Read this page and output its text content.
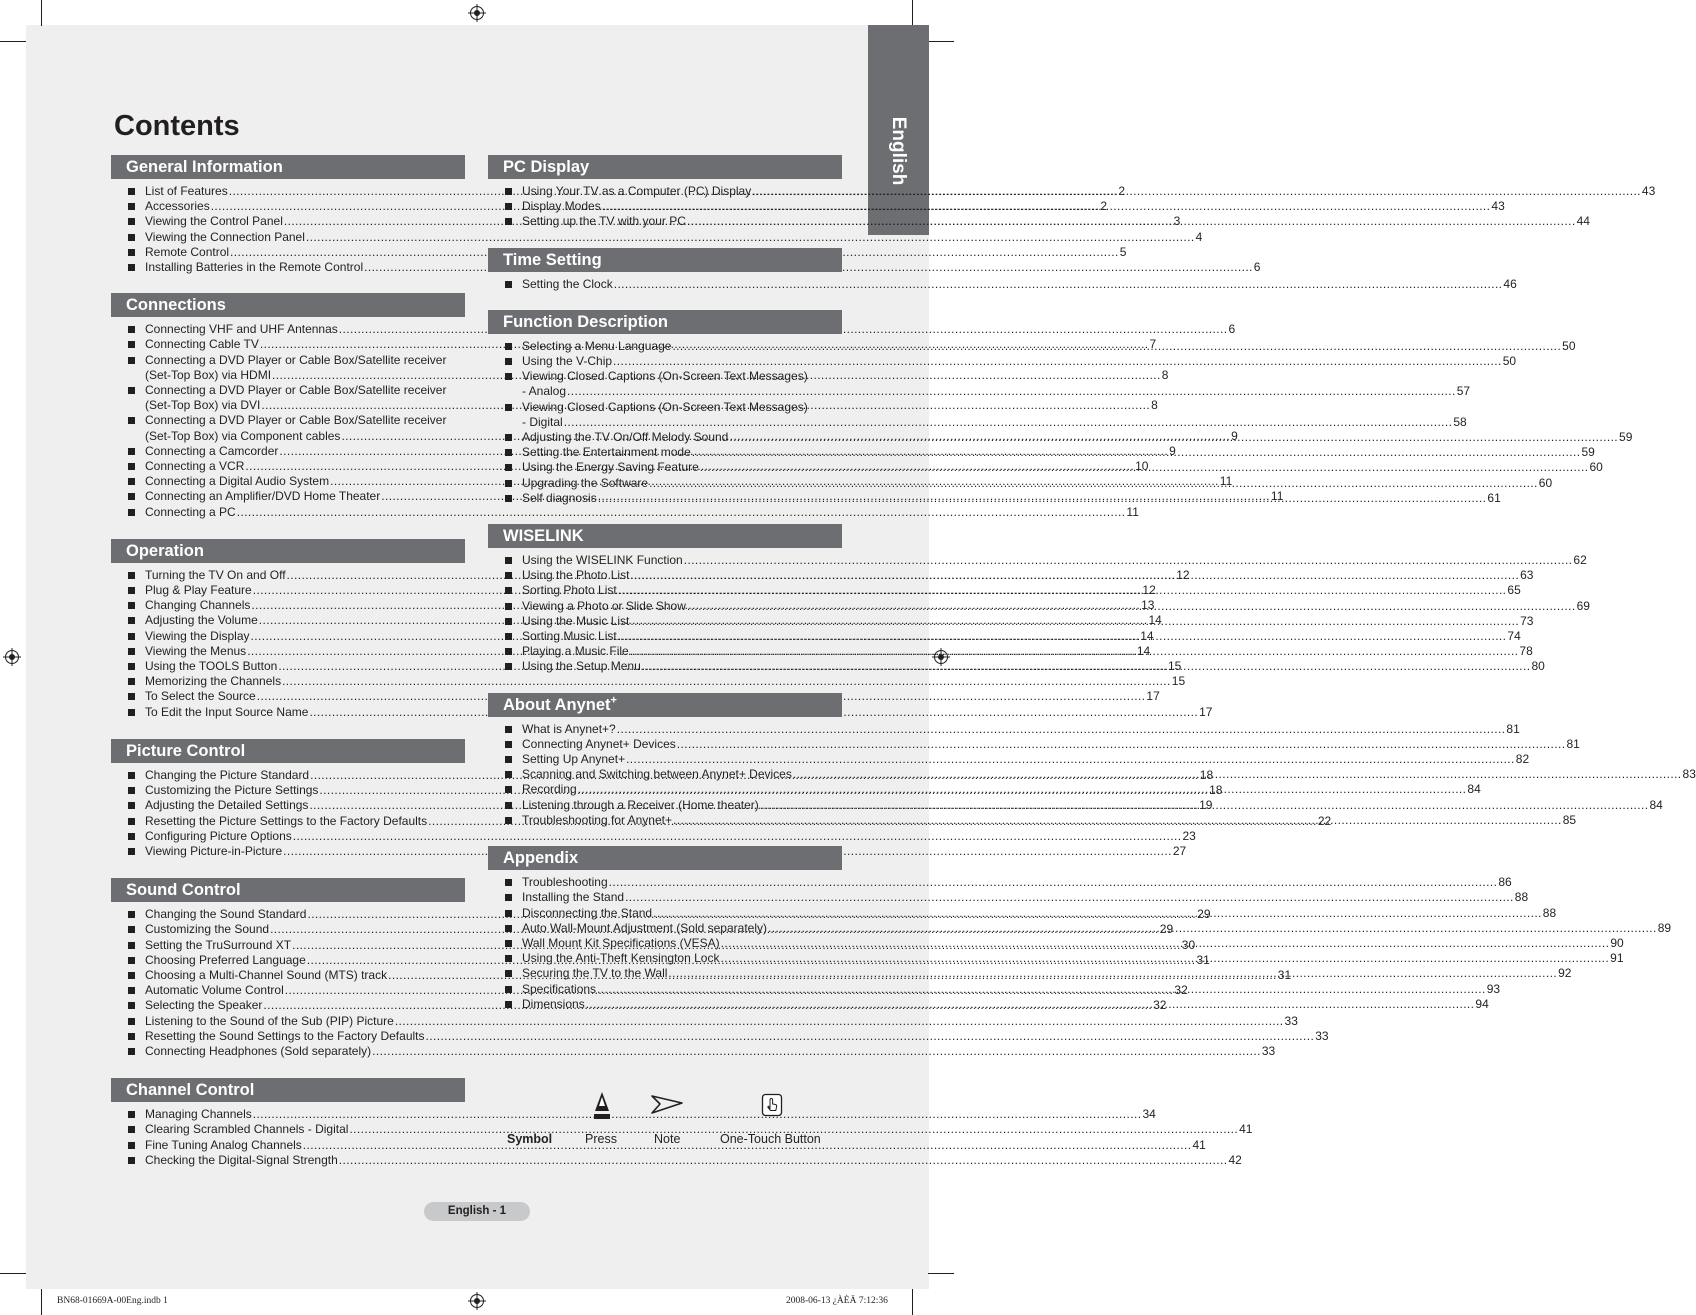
English
Contents
General Information
List of Features .....	2
Accessories .....	2
Viewing the Control Panel .....	3
Viewing the Connection Panel .....	4
Remote Control .....	5
Installing Batteries in the Remote Control .....	6
Connections
Connecting VHF and UHF Antennas .....	6
Connecting Cable TV .....	7
Connecting a DVD Player or Cable Box/Satellite receiver
(Set-Top Box) via HDMI .....	8
Connecting a DVD Player or Cable Box/Satellite receiver
(Set-Top Box) via DVI .....	8
Connecting a DVD Player or Cable Box/Satellite receiver
(Set-Top Box) via Component cables .....	9
Connecting a Camcorder .....	9
Connecting a VCR .....	10
Connecting a Digital Audio System .....	11
Connecting an Amplifier/DVD Home Theater .....	11
Connecting a PC .....	11
Operation
Turning the TV On and Off .....	12
Plug & Play Feature .....	12
Changing Channels .....	13
Adjusting the Volume .....	14
Viewing the Display .....	14
Viewing the Menus .....	14
Using the TOOLS Button .....	15
Memorizing the Channels .....	15
To Select the Source .....	17
To Edit the Input Source Name .....	17
Picture Control
Changing the Picture Standard .....	18
Customizing the Picture Settings .....	18
Adjusting the Detailed Settings .....	19
Resetting the Picture Settings to the Factory Defaults .....	22
Configuring Picture Options .....	23
Viewing Picture-in-Picture .....	27
Sound Control
Changing the Sound Standard .....	29
Customizing the Sound .....	29
Setting the TruSurround XT .....	30
Choosing Preferred Language .....	31
Choosing a Multi-Channel Sound (MTS) track .....	31
Automatic Volume Control .....	32
Selecting the Speaker .....	32
Listening to the Sound of the Sub (PIP) Picture .....	33
Resetting the Sound Settings to the Factory Defaults .....	33
Connecting Headphones (Sold separately) .....	33
Channel Control
Managing Channels .....	34
Clearing Scrambled Channels - Digital .....	41
Fine Tuning Analog Channels .....	41
Checking the Digital-Signal Strength .....	42
PC Display
Using Your TV as a Computer (PC) Display .....	43
Display Modes .....	43
Setting up the TV with your PC .....	44
Time Setting
Setting the Clock .....	46
Function Description
Selecting a Menu Language .....	50
Using the V-Chip .....	50
Viewing Closed Captions (On-Screen Text Messages)
- Analog .....	57
Viewing Closed Captions (On-Screen Text Messages)
- Digital .....	58
Adjusting the TV On/Off Melody Sound .....	59
Setting the Entertainment mode .....	59
Using the Energy Saving Feature .....	60
Upgrading the Software .....	60
Self diagnosis .....	61
WISELINK
Using the WISELINK Function .....	62
Using the Photo List .....	63
Sorting Photo List .....	65
Viewing a Photo or Slide Show .....	69
Using the Music List .....	73
Sorting Music List .....	74
Playing a Music File .....	78
Using the Setup Menu .....	80
About Anynet+
What is Anynet+? .....	81
Connecting Anynet+ Devices .....	81
Setting Up Anynet+ .....	82
Scanning and Switching between Anynet+ Devices .....	83
Recording .....	84
Listening through a Receiver (Home theater) .....	84
Troubleshooting for Anynet+ .....	85
Appendix
Troubleshooting .....	86
Installing the Stand .....	88
Disconnecting the Stand .....	88
Auto Wall-Mount Adjustment (Sold separately) .....	89
Wall Mount Kit Specifications (VESA) .....	90
Using the Anti-Theft Kensington Lock .....	91
Securing the TV to the Wall .....	92
Specifications .....	93
Dimensions .....	94
Symbol	Press	Note	One-Touch Button
English - 1
BN68-01669A-00Eng.indb 1	2008-06-13 ¿ÀÈÄ 7:12:36
